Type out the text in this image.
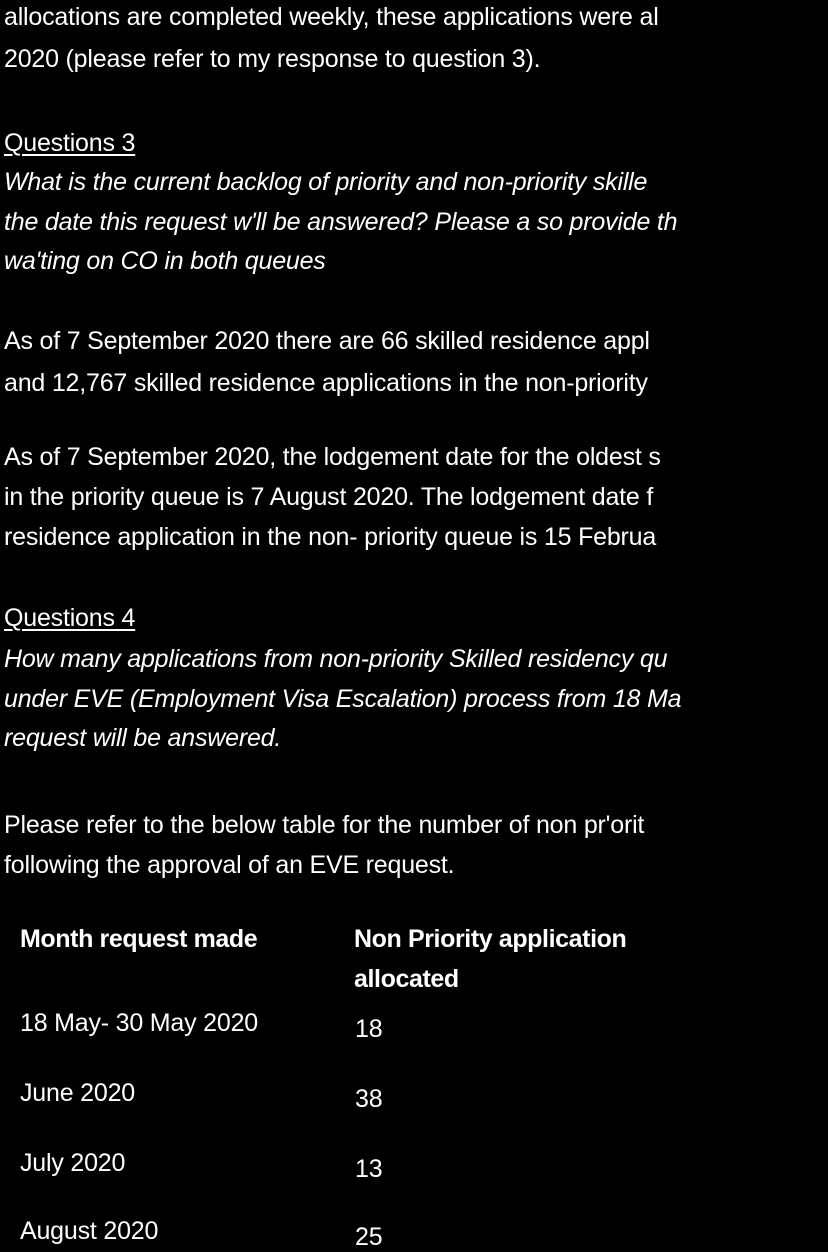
allocations are completed weekly, these applications were al
2020 (please refer to my response to question 3).
Questions 3
What is the current backlog of priority and non-priority skille
the date this request w'll be answered? Please a so provide th
wa'ting on CO in both queues
As of 7 September 2020 there are 66 skilled residence appl
and 12,767 skilled residence applications in the non-priority
As of 7 September 2020, the lodgement date for the oldest s
in the priority queue is 7 August 2020. The lodgement date f
residence application in the non- priority queue is 15 Februa
Questions 4
How many applications from non-priority Skilled residency qu
under EVE (Employment Visa Escalation) process from 18 Ma
request will be answered.
Please refer to the below table for the number of non pr'orit
following the approval of an EVE request.
Month request made	Non Priority application
allocated
18 May- 30 May 2020	18
June 2020	38
July 2020	13
August 2020	25
